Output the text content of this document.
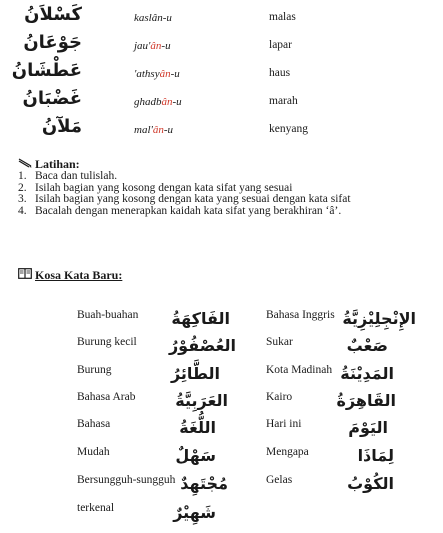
كَسْلاَنُ	kaslân-u	malas
جَوْعَانُ	jau'ân-u	lapar
عَطْشَانُ	'athsyân-u	haus
غَضْبَانُ	ghadbân-u	marah
مَلآنُ	mal'ân-u	kenyang
Latihan:
1. Baca dan tulislah.
2. Isilah bagian yang kosong dengan kata sifat yang sesuai
3. Isilah bagian yang kosong dengan kata yang sesuai dengan kata sifat
4. Bacalah dengan menerapkan kaidah kata sifat yang berakhiran ‘â’.
Kosa Kata Baru:
Buah-buahan الفَاكِهَةُ
Burung kecil العُصْفُوْرُ
Burung	الطَّائِرُ
Bahasa Arab العَرَبِيَّةُ
Bahasa	اللُّغَةُ
Mudah	سَهْلٌ
Bersungguh-sungguh مُجْتَهِدٌ
terkenal	شَهِيْرٌ
Bahasa Inggris الإِنْجِلِيْزِيَّةُ
Sukar	صَعْبٌ
Kota Madinah المَدِيْنَةُ
Kairo	القَاهِرَةُ
Hari ini	اليَوْمَ
Mengapa	لِمَاذَا
Gelas	الكُوْبُ
